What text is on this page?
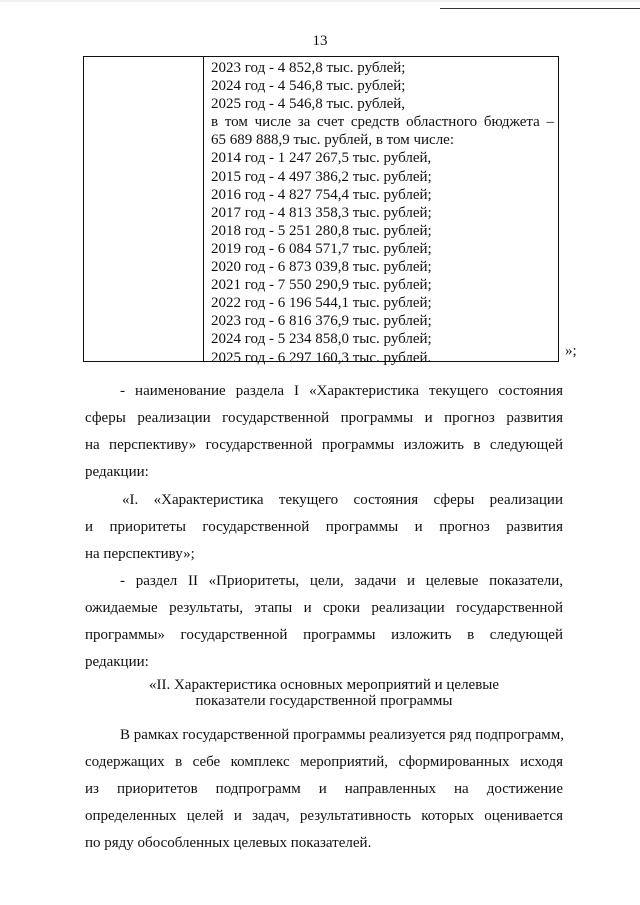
13
2023 год - 4 852,8 тыс. рублей;
2024 год - 4 546,8 тыс. рублей;
2025 год - 4 546,8 тыс. рублей,
в том числе за счет средств областного бюджета –
65 689 888,9 тыс. рублей, в том числе:
2014 год - 1 247 267,5 тыс. рублей,
2015 год - 4 497 386,2 тыс. рублей;
2016 год - 4 827 754,4 тыс. рублей;
2017 год - 4 813 358,3 тыс. рублей;
2018 год - 5 251 280,8 тыс. рублей;
2019 год - 6 084 571,7 тыс. рублей;
2020 год - 6 873 039,8 тыс. рублей;
2021 год - 7 550 290,9 тыс. рублей;
2022 год - 6 196 544,1 тыс. рублей;
2023 год - 6 816 376,9 тыс. рублей;
2024 год - 5 234 858,0 тыс. рублей;
2025 год - 6 297 160,3 тыс. рублей.	»;
- наименование раздела I «Характеристика текущего состояния
сферы реализации государственной программы и прогноз развития
на перспективу» государственной программы изложить в следующей
редакции:
«I. «Характеристика текущего состояния сферы реализации
и приоритеты государственной программы и прогноз развития
на перспективу»;
- раздел II «Приоритеты, цели, задачи и целевые показатели,
ожидаемые результаты, этапы и сроки реализации государственной
программы» государственной программы изложить в следующей
редакции:
«II. Характеристика основных мероприятий и целевые
показатели государственной программы
В рамках государственной программы реализуется ряд подпрограмм,
содержащих в себе комплекс мероприятий, сформированных исходя
из приоритетов подпрограмм и направленных на достижение
определенных целей и задач, результативность которых оценивается
по ряду обособленных целевых показателей.
